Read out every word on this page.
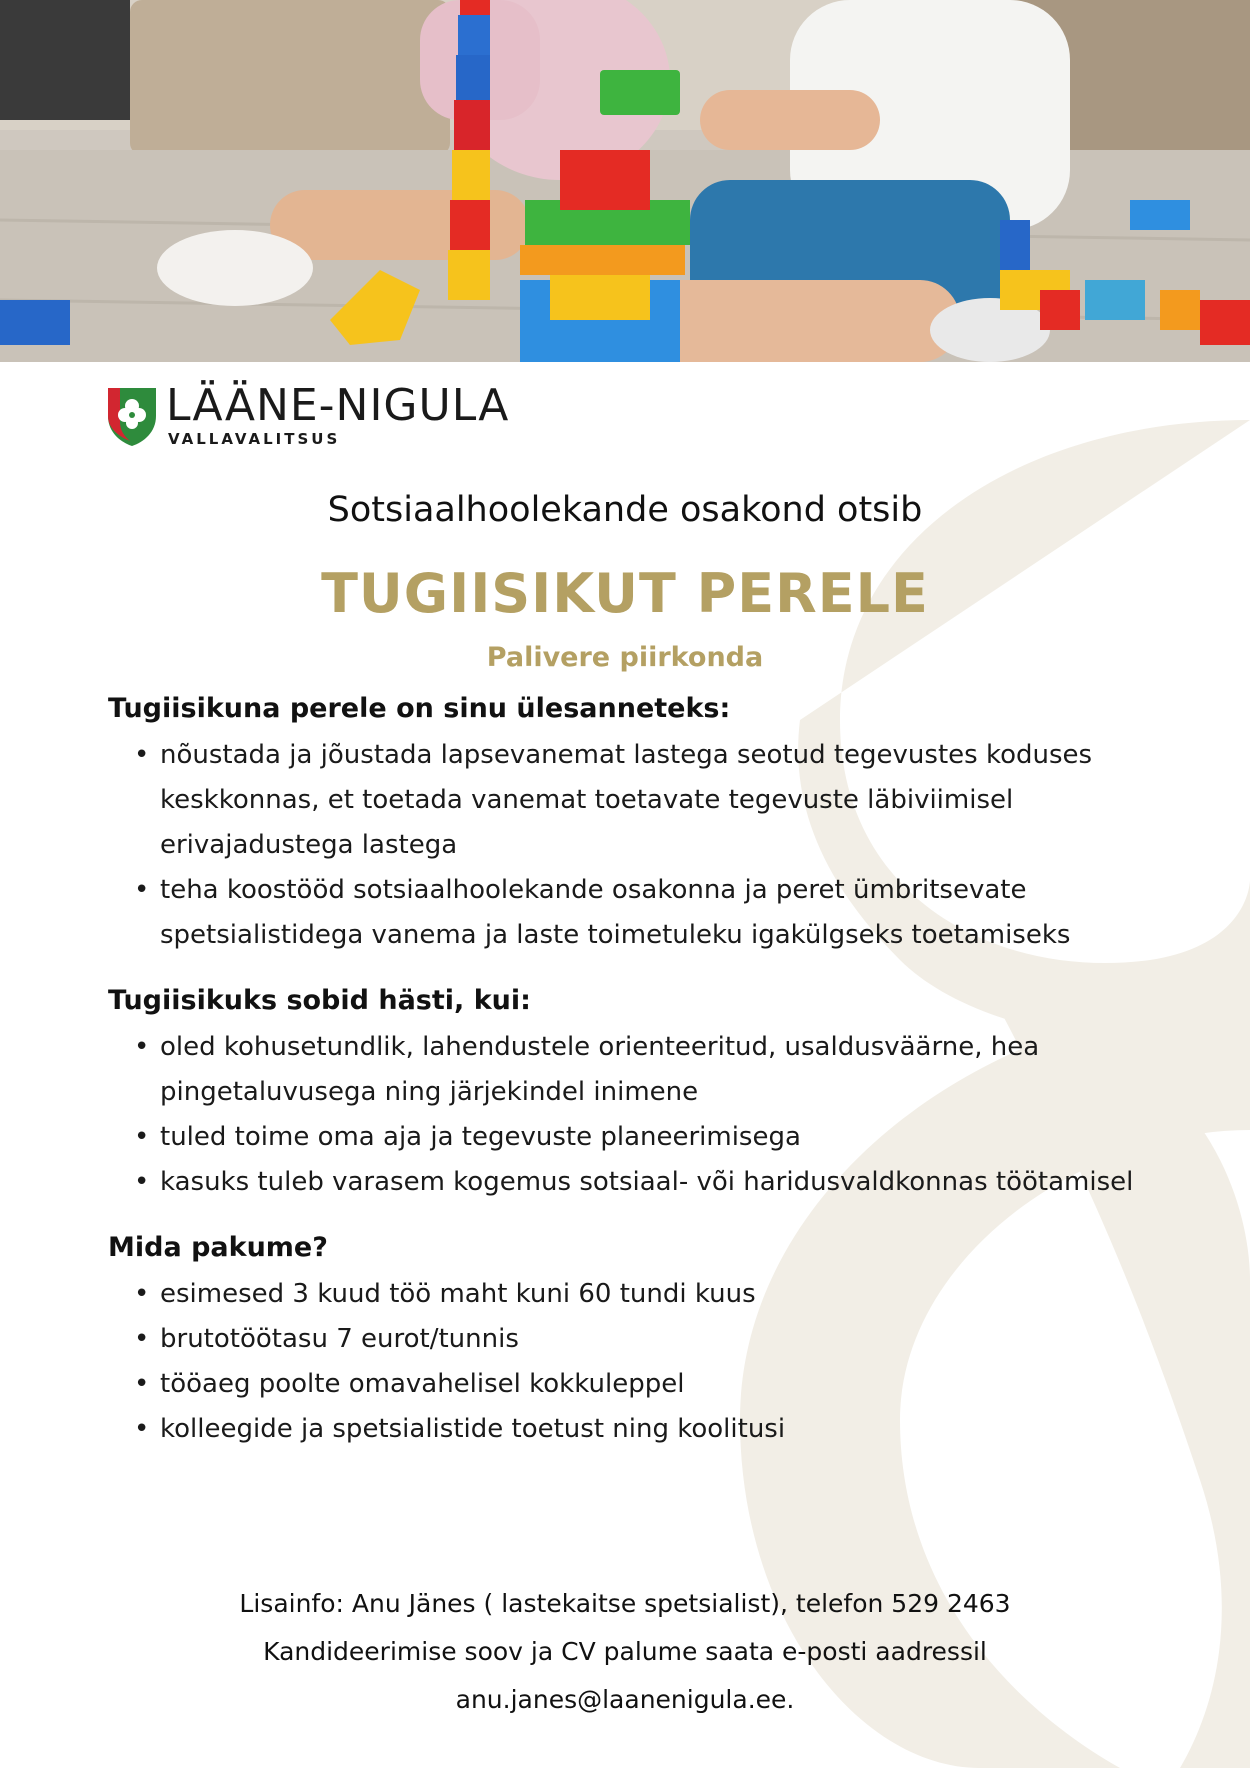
LÄÄNE-NIGULA
VALLAVALITSUS
Sotsiaalhoolekande osakond otsib
TUGIISIKUT PERELE
Palivere piirkonda
Tugiisikuna perele on sinu ülesanneteks:
• nõustada ja jõustada lapsevanemat lastega seotud tegevustes koduses keskkonnas, et toetada vanemat toetavate tegevuste läbiviimisel erivajadustega lastega
• teha koostööd sotsiaalhoolekande osakonna ja peret ümbritsevate spetsialistidega vanema ja laste toimetuleku igakülgseks toetamiseks
Tugiisikuks sobid hästi, kui:
• oled kohusetundlik, lahendustele orienteeritud, usaldusväärne, hea pingetaluvusega ning järjekindel inimene
• tuled toime oma aja ja tegevuste planeerimisega
• kasuks tuleb varasem kogemus sotsiaal- või haridusvaldkonnas töötamisel
Mida pakume?
• esimesed 3 kuud töö maht kuni 60 tundi kuus
• brutotöötasu 7 eurot/tunnis
• tööaeg poolte omavahelisel kokkuleppel
• kolleegide ja spetsialistide toetust ning koolitusi
Lisainfo: Anu Jänes ( lastekaitse spetsialist), telefon 529 2463
Kandideerimise soov ja CV palume saata e-posti aadressil
anu.janes@laanenigula.ee.
